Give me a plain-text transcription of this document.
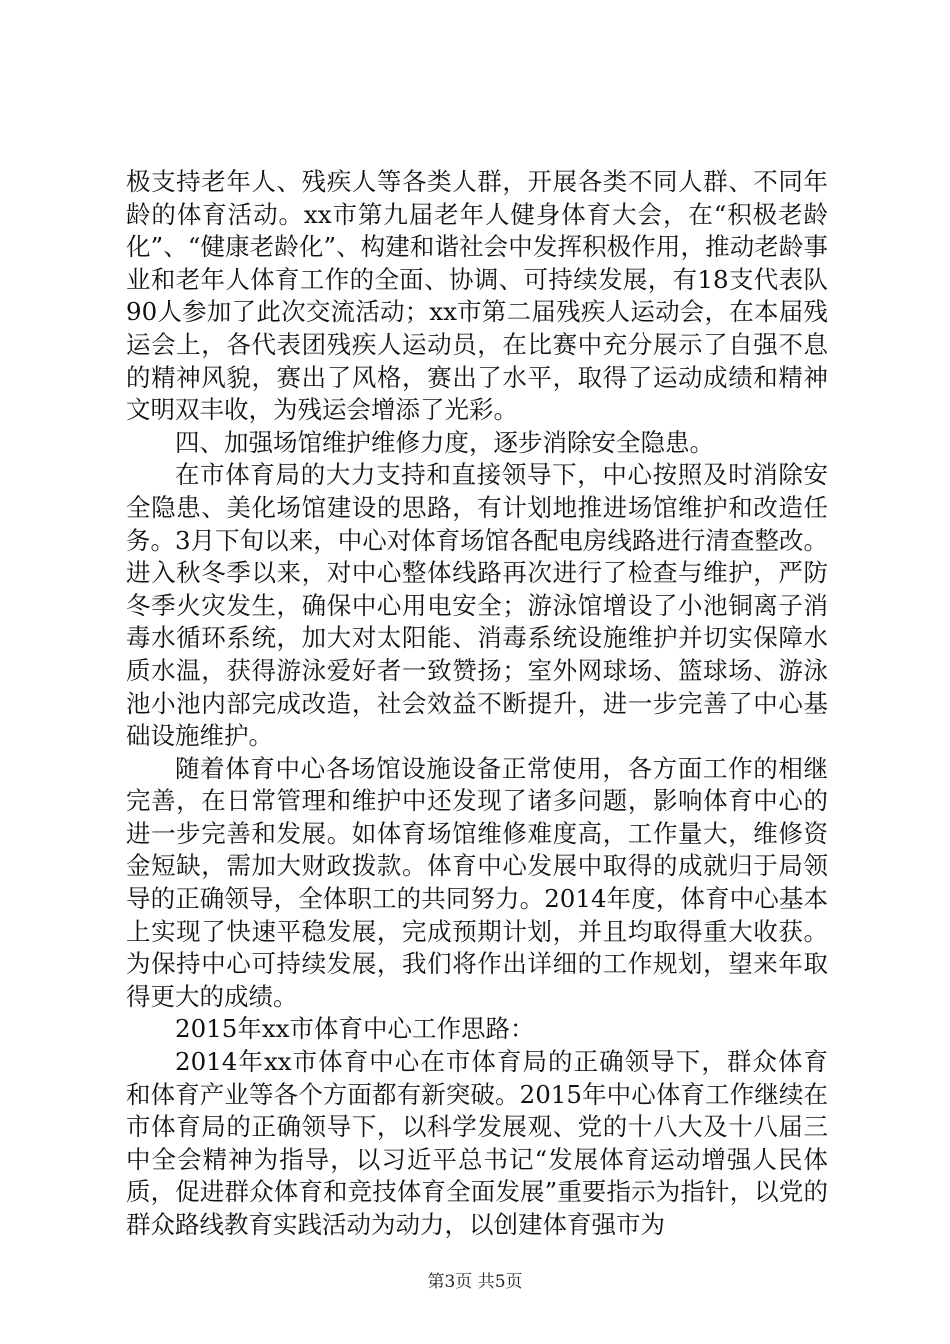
极支持老年人、残疾人等各类人群，开展各类不同人群、不同年龄的体育活动。xx市第九届老年人健身体育大会，在“积极老龄化”、“健康老龄化”、构建和谐社会中发挥积极作用，推动老龄事业和老年人体育工作的全面、协调、可持续发展，有18支代表队90人参加了此次交流活动；xx市第二届残疾人运动会，在本届残运会上，各代表团残疾人运动员，在比赛中充分展示了自强不息的精神风貌，赛出了风格，赛出了水平，取得了运动成绩和精神文明双丰收，为残运会增添了光彩。

四、加强场馆维护维修力度，逐步消除安全隐患。

在市体育局的大力支持和直接领导下，中心按照及时消除安全隐患、美化场馆建设的思路，有计划地推进场馆维护和改造任务。3月下旬以来，中心对体育场馆各配电房线路进行清查整改。进入秋冬季以来，对中心整体线路再次进行了检查与维护，严防冬季火灾发生，确保中心用电安全；游泳馆增设了小池铜离子消毒水循环系统，加大对太阳能、消毒系统设施维护并切实保障水质水温，获得游泳爱好者一致赞扬；室外网球场、篮球场、游泳池小池内部完成改造，社会效益不断提升，进一步完善了中心基础设施维护。

随着体育中心各场馆设施设备正常使用，各方面工作的相继完善，在日常管理和维护中还发现了诸多问题，影响体育中心的进一步完善和发展。如体育场馆维修难度高，工作量大，维修资金短缺，需加大财政拨款。体育中心发展中取得的成就归于局领导的正确领导，全体职工的共同努力。2014年度，体育中心基本上实现了快速平稳发展，完成预期计划，并且均取得重大收获。为保持中心可持续发展，我们将作出详细的工作规划，望来年取得更大的成绩。

2015年xx市体育中心工作思路：

2014年xx市体育中心在市体育局的正确领导下，群众体育和体育产业等各个方面都有新突破。2015年中心体育工作继续在市体育局的正确领导下，以科学发展观、党的十八大及十八届三中全会精神为指导，以习近平总书记“发展体育运动增强人民体质，促进群众体育和竞技体育全面发展”重要指示为指针，以党的群众路线教育实践活动为动力，以创建体育强市为

第3页 共5页
